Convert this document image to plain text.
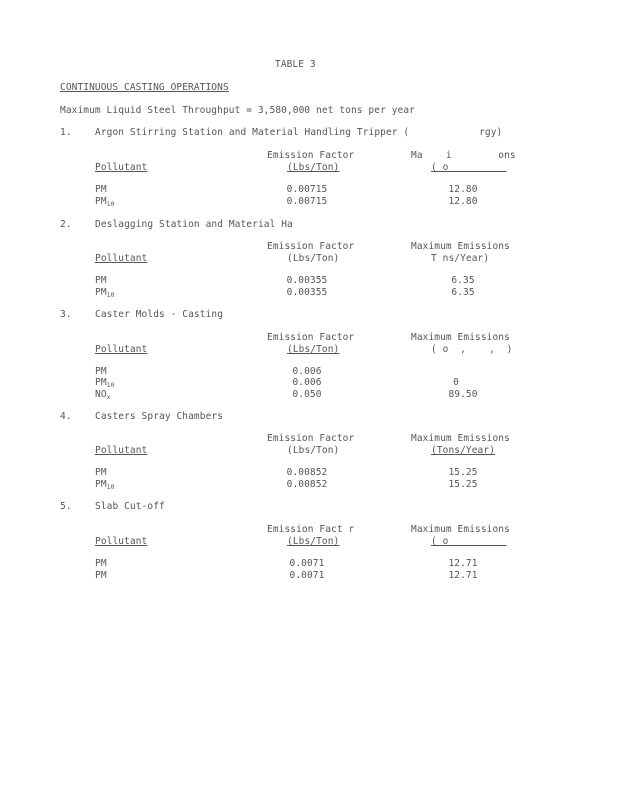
TABLE 3
CONTINUOUS CASTING OPERATIONS
Maximum Liquid Steel Throughput = 3,580,000 net tons per year
1. Argon Stirring Station and Material Handling Tripper (            rgy)
Emission Factor	Ma    i        ons
Pollutant	(Lbs/Ton)	( o
PM	0.00715	12.80
$PM_{10}$	0.00715	12.80
2. Deslagging Station and Material Ha
Emission Factor	Maximum Emissions
Pollutant	(Lbs/Ton)	T ns/Year)
PM	0.00355	6.35
$PM_{10}$	0.00355	6.35
3. Caster Molds - Casting
Emission Factor	Maximum Emissions
Pollutant	(Lbs/Ton)	( o  ,    ,  )
PM	0.006
$PM_{10}$	0.006	0
$NO_x$	0.050	89.50
4. Casters Spray Chambers
Emission Factor	Maximum Emissions
Pollutant	(Lbs/Ton)	(Tons/Year)
PM	0.00852	15.25
$PM_{10}$	0.00852	15.25
5. Slab Cut-off
Emission Fact r	Maximum Emissions
Pollutant	(Lbs/Ton)	( o
PM	0.0071	12.71
PM	0.0071	12.71
